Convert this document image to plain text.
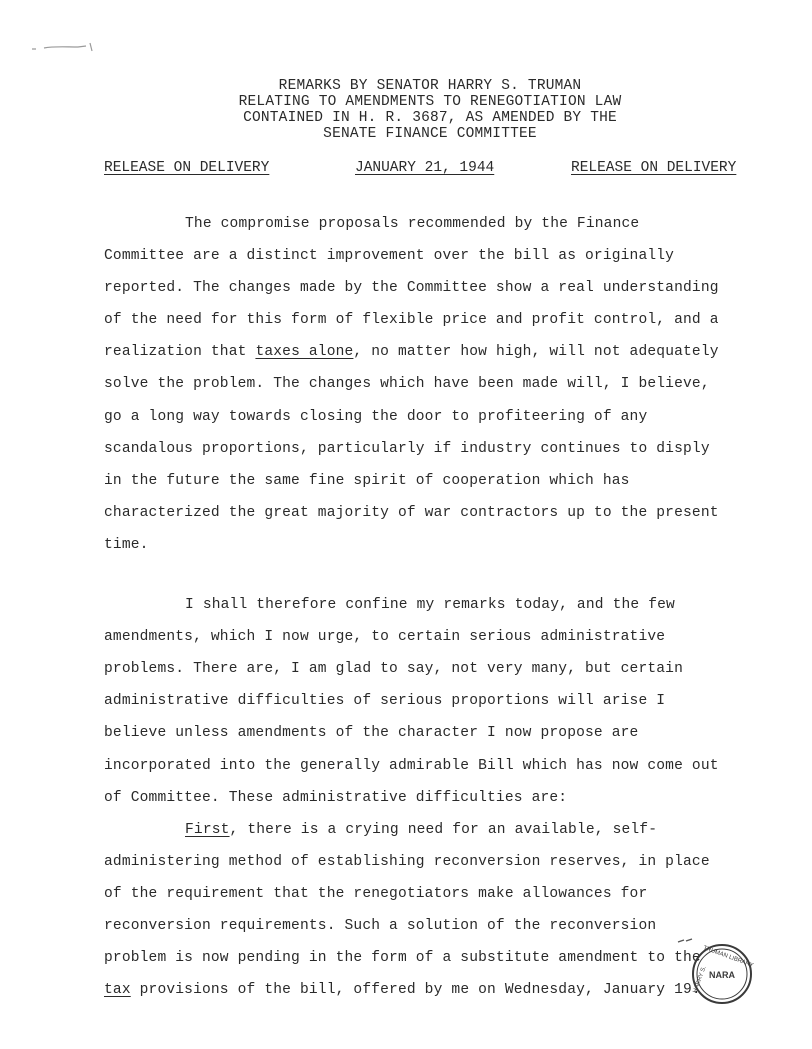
REMARKS BY SENATOR HARRY S. TRUMAN
RELATING TO AMENDMENTS TO RENEGOTIATION LAW
CONTAINED IN H. R. 3687, AS AMENDED BY THE
SENATE FINANCE COMMITTEE
RELEASE ON DELIVERY	JANUARY 21, 1944	RELEASE ON DELIVERY

The compromise proposals recommended by the Finance Committee are a distinct improvement over the bill as originally reported. The changes made by the Committee show a real understanding of the need for this form of flexible price and profit control, and a realization that taxes alone, no matter how high, will not adequately solve the problem. The changes which have been made will, I believe, go a long way towards closing the door to profiteering of any scandalous proportions, particularly if industry continues to disply in the future the same fine spirit of cooperation which has characterized the great majority of war contractors up to the present time.

I shall therefore confine my remarks today, and the few amendments, which I now urge, to certain serious administrative problems. There are, I am glad to say, not very many, but certain administrative difficulties of serious proportions will arise I believe unless amendments of the character I now propose are incorporated into the generally admirable Bill which has now come out of Committee. These administrative difficulties are:

First, there is a crying need for an available, self-administering method of establishing reconversion reserves, in place of the requirement that the renegotiators make allowances for reconversion requirements. Such a solution of the reconversion problem is now pending in the form of a substitute amendment to the tax provisions of the bill, offered by me on Wednesday, January 19.

NARA
TRUMAN LIBRARY
HARRY S.
